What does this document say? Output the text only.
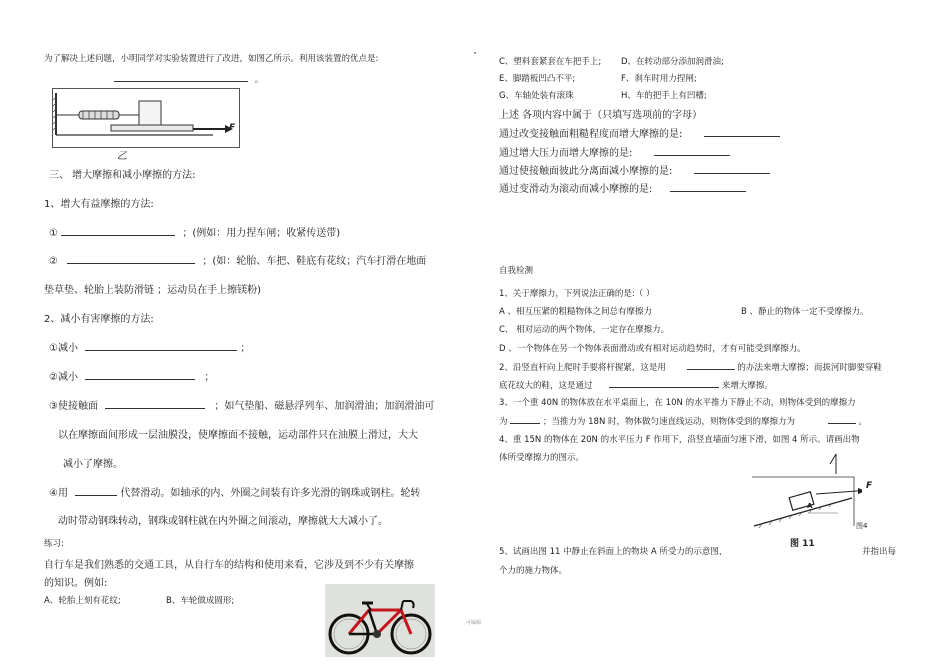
为了解决上述问题，小明同学对实验装置进行了改进，如图乙所示。利用该装置的优点是:
。
F
乙
三、 增大摩擦和减小摩擦的方法:
1、增大有益摩擦的方法:
①	；(例如：用力捏车闸；收紧传送带)
②	；(如：轮胎、车把、鞋底有花纹；汽车打滑在地面
垫草垫、轮胎上装防滑链 ；运动员在手上擦镁粉)
2、减小有害摩擦的方法:
①减小	；
②减小	；
③使接触面	；如气垫船、磁悬浮列车、加润滑油；加润滑油可
以在摩擦面间形成一层油膜没，使摩擦面不接触，运动部件只在油膜上滑过，大大
减小了摩擦。
④用	代替滑动。如轴承的内、外圈之间装有许多光滑的钢珠或钢柱。轮转
动时带动钢珠转动，钢珠或钢柱就在内外圈之间滚动，摩擦就大大减小了。
练习:
自行车是我们熟悉的交通工具，从自行车的结构和使用来看，它涉及到不少有关摩擦
的知识。例如:
A、轮胎上刻有花纹;	B、车轮做成圆形;
C、塑料套紧套在车把手上; D、在转动部分添加润滑油;
E、脚踏板凹凸不平;	F、刹车时用力捏闸;
G、车轴处装有滚珠	H、车的把手上有凹槽;
上述 各项内容中属于（只填写选项前的字母）
通过改变接触面粗糙程度而增大摩擦的是:
通过增大压力而增大摩擦的是:
通过使接触面彼此分离面减小摩擦的是:
通过变滑动为滚动而减小摩擦的是:
自我检测
1、关于摩擦力，下列说法正确的是:（ ）
A 、相互压紧的粗糙物体之间总有摩擦力	B 、静止的物体一定不受摩擦力。
C、 相对运动的两个物体，一定存在摩擦力。
D 、一个物体在另一个物体表面滑动或有相对运动趋势时，才有可能受到摩擦力。
2、沿竖直杆向上爬时手要将杆握紧，这是用	的办法来增大摩擦；而拔河时脚要穿鞋
底花纹大的鞋，这是通过	来增大摩擦。
3、一个重 40N 的物体放在水平桌面上，在 10N 的水平推力下静止不动，则物体受到的摩擦力
为	；当推力为 18N 时，物体做匀速直线运动，则物体受到的摩擦力为	。
4、重 15N 的物体在 20N 的水平压力 F 作用下，沿竖直墙面匀速下滑，如图 4 所示。请画出物
体所受摩擦力的图示。
F
A
图4
图 11
5、试画出图 11 中静止在斜面上的物块 A 所受力的示意图，	并指出每
个力的施力物体。
可编辑
